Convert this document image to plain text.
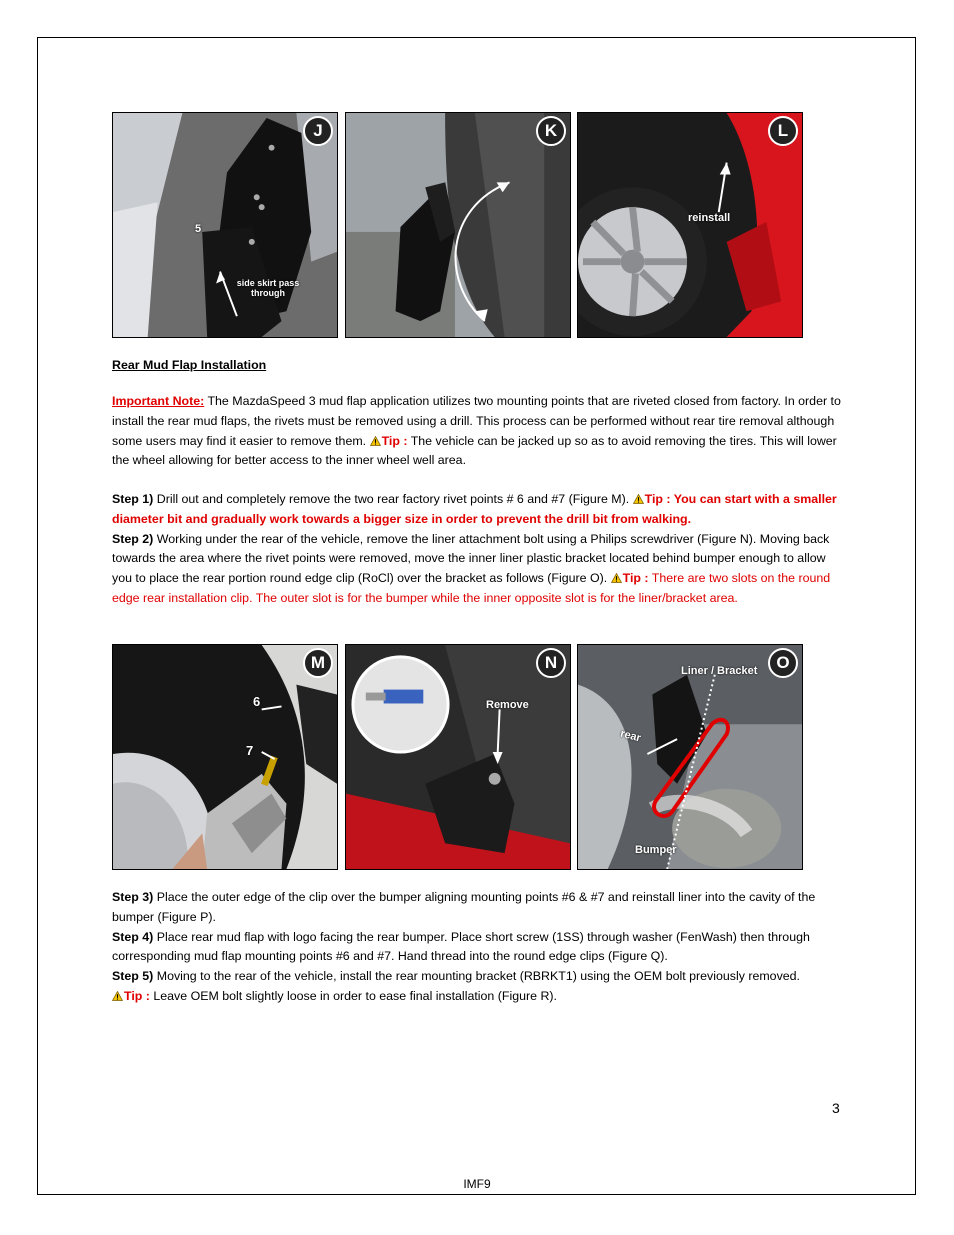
J
5
side skirt pass through
K	L
reinstall
Rear Mud Flap Installation
Important Note: The MazdaSpeed 3 mud flap application utilizes two mounting points that are riveted closed from factory. In order to install the rear mud flaps, the rivets must be removed using a drill. This process can be performed without rear tire removal although some users may find it easier to remove them. Tip : The vehicle can be jacked up so as to avoid removing the tires. This will lower the wheel allowing for better access to the inner wheel well area.
Step 1) Drill out and completely remove the two rear factory rivet points # 6 and #7 (Figure M). Tip : You can start with a smaller diameter bit and gradually work towards a bigger size in order to prevent the drill bit from walking.
Step 2) Working under the rear of the vehicle, remove the liner attachment bolt using a Philips screwdriver (Figure N). Moving back towards the area where the rivet points were removed, move the inner liner plastic bracket located behind bumper enough to allow you to place the rear portion round edge clip (RoCl) over the bracket as follows (Figure O). Tip : There are two slots on the round edge rear installation clip. The outer slot is for the bumper while the inner opposite slot is for the liner/bracket area.
M
6
7
N
Remove
O
Liner / Bracket
rear
Bumper
Step 3) Place the outer edge of the clip over the bumper aligning mounting points #6 & #7 and reinstall liner into the cavity of the bumper (Figure P).
Step 4) Place rear mud flap with logo facing the rear bumper. Place short screw (1SS) through washer (FenWash) then through corresponding mud flap mounting points #6 and #7. Hand thread into the round edge clips (Figure Q).
Step 5) Moving to the rear of the vehicle, install the rear mounting bracket (RBRKT1) using the OEM bolt previously removed.
Tip : Leave OEM bolt slightly loose in order to ease final installation (Figure R).
3
IMF9
